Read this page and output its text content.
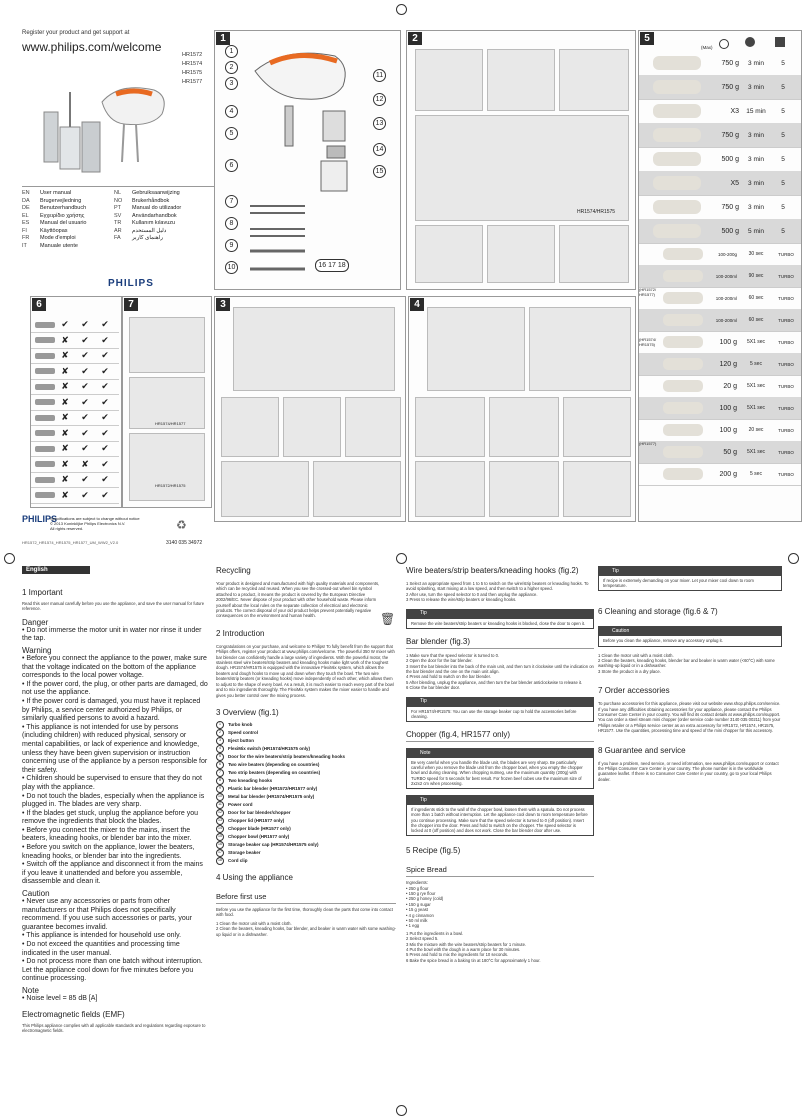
Register your product and get support at
www.philips.com/welcome
HR1572
HR1574
HR1575
HR1577
EN	User manual	NL	Gebruiksaanwijzing
DA	Brugervejledning	NO	Brukerhåndbok
DE	Benutzerhandbuch	PT	Manual do utilizador
EL	Εγχειρίδιο χρήσης	SV	Användarhandbok
ES	Manual del usuario	TR	Kullanım kılavuzu
FI	Käyttöopas	AR	دليل المستخدم
FR	Mode d'emploi	FA	راهنمای کاربر
IT	Manuale utente
PHILIPS
1
1
2
3
4
5
6
7
8
9
10
11
12
13
14
15
16 17 18
2
HR1574/HR1575
5
(Max)
750 g	3 min	5
750 g	3 min	5
X3	15 min	5
750 g	3 min	5
500 g	3 min	5
X5	3 min	5
750 g	3 min	5
500 g	5 min	5
100-200g	30 sec	TURBO
100-200ml	90 sec	TURBO
100-200ml	60 sec	TURBO
100-200ml	60 sec	TURBO
100 g	5X1 sec	TURBO
120 g	5 sec	TURBO
20 g	5X1 sec	TURBO
100 g	5X1 sec	TURBO
100 g	20 sec	TURBO
50 g	5X1 sec	TURBO
200 g	5 sec	TURBO
(HR1572/ HR1577)
(HR1574/ HR1575)
(HR1577)
6
✔	✔	✔
✘	✔	✔
✘	✔	✔
✘	✔	✔
✘	✔	✔
✘	✔	✔
✘	✔	✔
✘	✔	✔
✘	✔	✔
✘	✘	✔
✘	✔	✔
✘	✔	✔
7
HR1574/HR1577
HR1572/HR1575
3	4
PHILIPS
Specifications are subject to change without notice
© 2013 Koninklijke Philips Electronics N.V.
All rights reserved.
HR1572_HR1574_HR1575_HR1577_UM_WW2_V2.0	3140 035 34972
♻
English
1 Important
Read this user manual carefully before you use the appliance, and save the user manual for future reference.
Danger
• Do not immerse the motor unit in water nor rinse it under the tap.
Warning
• Before you connect the appliance to the power, make sure that the voltage indicated on the bottom of the appliance corresponds to the local power voltage.
• If the power cord, the plug, or other parts are damaged, do not use the appliance.
• If the power cord is damaged, you must have it replaced by Philips, a service center authorized by Philips, or similarly qualified persons to avoid a hazard.
• This appliance is not intended for use by persons (including children) with reduced physical, sensory or mental capabilities, or lack of experience and knowledge, unless they have been given supervision or instruction concerning use of the appliance by a person responsible for their safety.
• Children should be supervised to ensure that they do not play with the appliance.
• Do not touch the blades, especially when the appliance is plugged in. The blades are very sharp.
• If the blades get stuck, unplug the appliance before you remove the ingredients that block the blades.
• Before you connect the mixer to the mains, insert the beaters, kneading hooks, or blender bar into the mixer.
• Before you switch on the appliance, lower the beaters, kneading hooks, or blender bar into the ingredients.
• Switch off the appliance and disconnect it from the mains if you leave it unattended and before you assemble, disassemble and clean it.
Caution
• Never use any accessories or parts from other manufacturers or that Philips does not specifically recommend. If you use such accessories or parts, your guarantee becomes invalid.
• This appliance is intended for household use only.
• Do not exceed the quantities and processing time indicated in the user manual.
• Do not process more than one batch without interruption. Let the appliance cool down for five minutes before you continue processing.
Note
• Noise level = 85 dB [A]
Electromagnetic fields (EMF)
This Philips appliance complies with all applicable standards and regulations regarding exposure to electromagnetic fields.
Recycling
Your product is designed and manufactured with high quality materials and components, which can be recycled and reused. When you see the crossed-out wheel bin symbol attached to a product, it means the product is covered by the European Directive 2002/96/EC. Never dispose of your product with other household waste. Please inform yourself about the local rules on the separate collection of electrical and electronic products. The correct disposal of your old product helps prevent potentially negative consequences on the environment and human health.
2 Introduction
Congratulations on your purchase, and welcome to Philips! To fully benefit from the support that Philips offers, register your product at www.philips.com/welcome. The powerful 350 W mixer with bar blender can confidently handle a large variety of ingredients. With the powerful motor, the stainless steel wire beaters/strip beaters and kneading hooks make light work of the toughest dough. HR1574/HR1575 is equipped with the innovative FlexiMix system, which allows the beaters and dough hooks to move up and down when they touch the bowl. The two wire beaters/strip beaters (or kneading hooks) move independently of each other, which allows them to adjust to the shape of every bowl. As a result, it is much easier to reach every part of the bowl and to mix ingredients thoroughly. The FlexiMix system makes the mixer easier to handle and gives you better control over the mixing process.
3 Overview (fig.1)
1	Turbo knob
2	Speed control
3	Eject button
4	FlexiMix switch (HR1574/HR1575 only)
5	Door for the wire beaters/strip beaters/kneading hooks
6	Two wire beaters (depending on countries)
7	Two strip beaters (depending on countries)
8	Two kneading hooks
9	Plastic bar blender (HR1572/HR1577 only)
10	Metal bar blender (HR1574/HR1575 only)
11	Power cord
12	Door for bar blender/chopper
13	Chopper lid (HR1577 only)
14	Chopper blade (HR1577 only)
15	Chopper bowl (HR1577 only)
16	Storage beaker cap (HR1574/HR1575 only)
17	Storage beaker
18	Cord clip
4 Using the appliance
Before first use
Before you use the appliance for the first time, thoroughly clean the parts that come into contact with food.
1 Clean the motor unit with a moist cloth.
2 Clean the beaters, kneading hooks, bar blender, and beaker in warm water with some washing-up liquid or in a dishwasher.
🗑
Wire beaters/strip beaters/kneading hooks (fig.2)
1 Select an appropriate speed from 1 to 5 to switch on the wire/strip beaters or kneading hooks. To avoid splashing, start mixing at a low speed, and then switch to a higher speed.
2 After use, turn the speed selector to 0 and then unplug the appliance.
3 Press to release the wire/strip beaters or kneading hooks.
Tip
Remove the wire beaters/strip beaters or kneading hooks is blocked, close the door to open it.
Bar blender (fig.3)
1 Make sure that the speed selector is turned to 0.
2 Open the door for the bar blender.
3 Insert the bar blender into the back of the main unit, and then turn it clockwise until the indication on the bar blender and the one on the main unit align.
4 Press and hold to switch on the bar blender.
5 After blending, unplug the appliance, and then turn the bar blender anticlockwise to release it.
6 Close the bar blender door.
Tip
For HR1574/HR1575: You can use the storage beaker cup to hold the accessories before cleaning.
Chopper (fig.4, HR1577 only)
Note
Be very careful when you handle the blade unit, the blades are very sharp. Be particularly careful when you remove the blade unit from the chopper bowl, when you empty the chopper bowl and during cleaning. When chopping nutmeg, use the maximum quantity (200g) with TURBO speed for 5 seconds for best result. For frozen beef cubes use the maximum size of 2x2x2 cm when processing.
Tip
If ingredients stick to the wall of the chopper bowl, loosen them with a spatula. Do not process more than 1 batch without interruption. Let the appliance cool down to room temperature before you continue processing. Make sure that the speed selector is turned to 0 (off position). Insert the chopper into the door. Press and hold to switch on the chopper. The speed selector is locked at 0 (off position) and does not work. Close the bar blender door after use.
5 Recipe (fig.5)
Spice Bread
Ingredients:
• 250 g flour
• 150 g rye flour
• 250 g honey (cold)
• 150 g sugar
• 15 g yeast
• 4 g cinnamon
• 50 ml milk
• 1 egg
1 Put the ingredients in a bowl.
2 Select speed 5.
3 Mix the mixture with the wire beaters/strip beaters for 1 minute.
4 Put the bowl with the dough in a warm place for 30 minutes.
5 Press and hold to mix the ingredients for 10 seconds.
6 Bake the spice bread in a baking tin at 180°C for approximately 1 hour.
Tip
If recipe is extremely demanding on your mixer. Let your mixer cool down to room temperature.
6 Cleaning and storage (fig.6 & 7)
Caution
Before you clean the appliance, remove any accessory unplug it.
1 Clean the motor unit with a moist cloth.
2 Clean the beaters, kneading hooks, blender bar and beaker in warm water (<60°C) with some washing-up liquid or in a dishwasher.
3 Store the product in a dry place.
7 Order accessories
To purchase accessories for this appliance, please visit our website www.shop.philips.com/service. If you have any difficulties obtaining accessories for your appliance, please contact the Philips Consumer Care Center in your country. You will find its contact details at www.philips.com/support. You can order a steel stream mini chopper (order service code number 3140 035 00211) from your Philips retailer or a Philips service center as an extra accessory for HR1572, HR1574, HR1575, HR1577. Use the quantities, processing time and speed of the mini chopper for this accessory.
8 Guarantee and service
If you have a problem, need service, or need information, see www.philips.com/support or contact the Philips Consumer Care Center in your country. The phone number is in the worldwide guarantee leaflet. If there is no Consumer Care Center in your country, go to your local Philips dealer.
